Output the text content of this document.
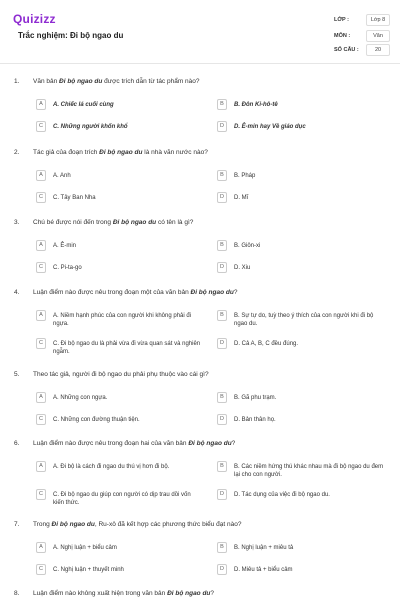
Quizizz
Trắc nghiệm: Đi bộ ngao du
LỚP :	Lớp 8
MÔN :	Văn
SỐ CÂU :	20
1. Văn bản Đi bộ ngao du được trích dẫn từ tác phẩm nào?
A	A. Chiếc lá cuối cùng	B	B. Đôn Ki-hô-tê
C	C. Những người khốn khổ	D	D. Ê-min hay Về giáo dục
2. Tác giả của đoạn trích Đi bộ ngao du là nhà văn nước nào?
A	A. Anh	B	B. Pháp
C	C. Tây Ban Nha	D	D. Mĩ
3. Chú bé được nói đến trong Đi bộ ngao du có tên là gì?
A	A. Ê-min	B	B. Giôn-xi
C	C. Pi-ta-go	D	D. Xiu
4. Luận điểm nào được nêu trong đoạn một của văn bản Đi bộ ngao du?
A	A. Niềm hạnh phúc của con người khi không phải đi ngựa.
B	B. Sự tự do, tuỳ theo ý thích của con người khi đi bộ ngao du.
C	C. Đi bộ ngao du là phải vừa đi vừa quan sát và nghiên ngẫm.
D	D. Cả A, B, C đều đúng.
5. Theo tác giả, người đi bộ ngao du phải phụ thuộc vào cái gì?
A	A. Những con ngựa.	B	B. Gã phu trạm.
C	C. Những con đường thuận tiện.	D	D. Bản thân họ.
6. Luận điểm nào được nêu trong đoạn hai của văn bản Đi bộ ngao du?
A	A. Đi bộ là cách đi ngao du thú vị hơn đi bộ.	B	B. Các niềm hứng thú khác nhau mà đi bộ ngao du đem lại cho con người.
C	C. Đi bộ ngao du giúp con người có dịp trau dồi vốn kiến thức.
D	D. Tác dụng của việc đi bộ ngao du.
7. Trong Đi bộ ngao du, Ru-xô đã kết hợp các phương thức biểu đạt nào?
A	A. Nghị luận + biểu cảm	B	B. Nghị luận + miêu tả
C	C. Nghị luận + thuyết minh	D	D. Miêu tả + biểu cảm
8. Luận điểm nào không xuất hiện trong văn bản Đi bộ ngao du?
